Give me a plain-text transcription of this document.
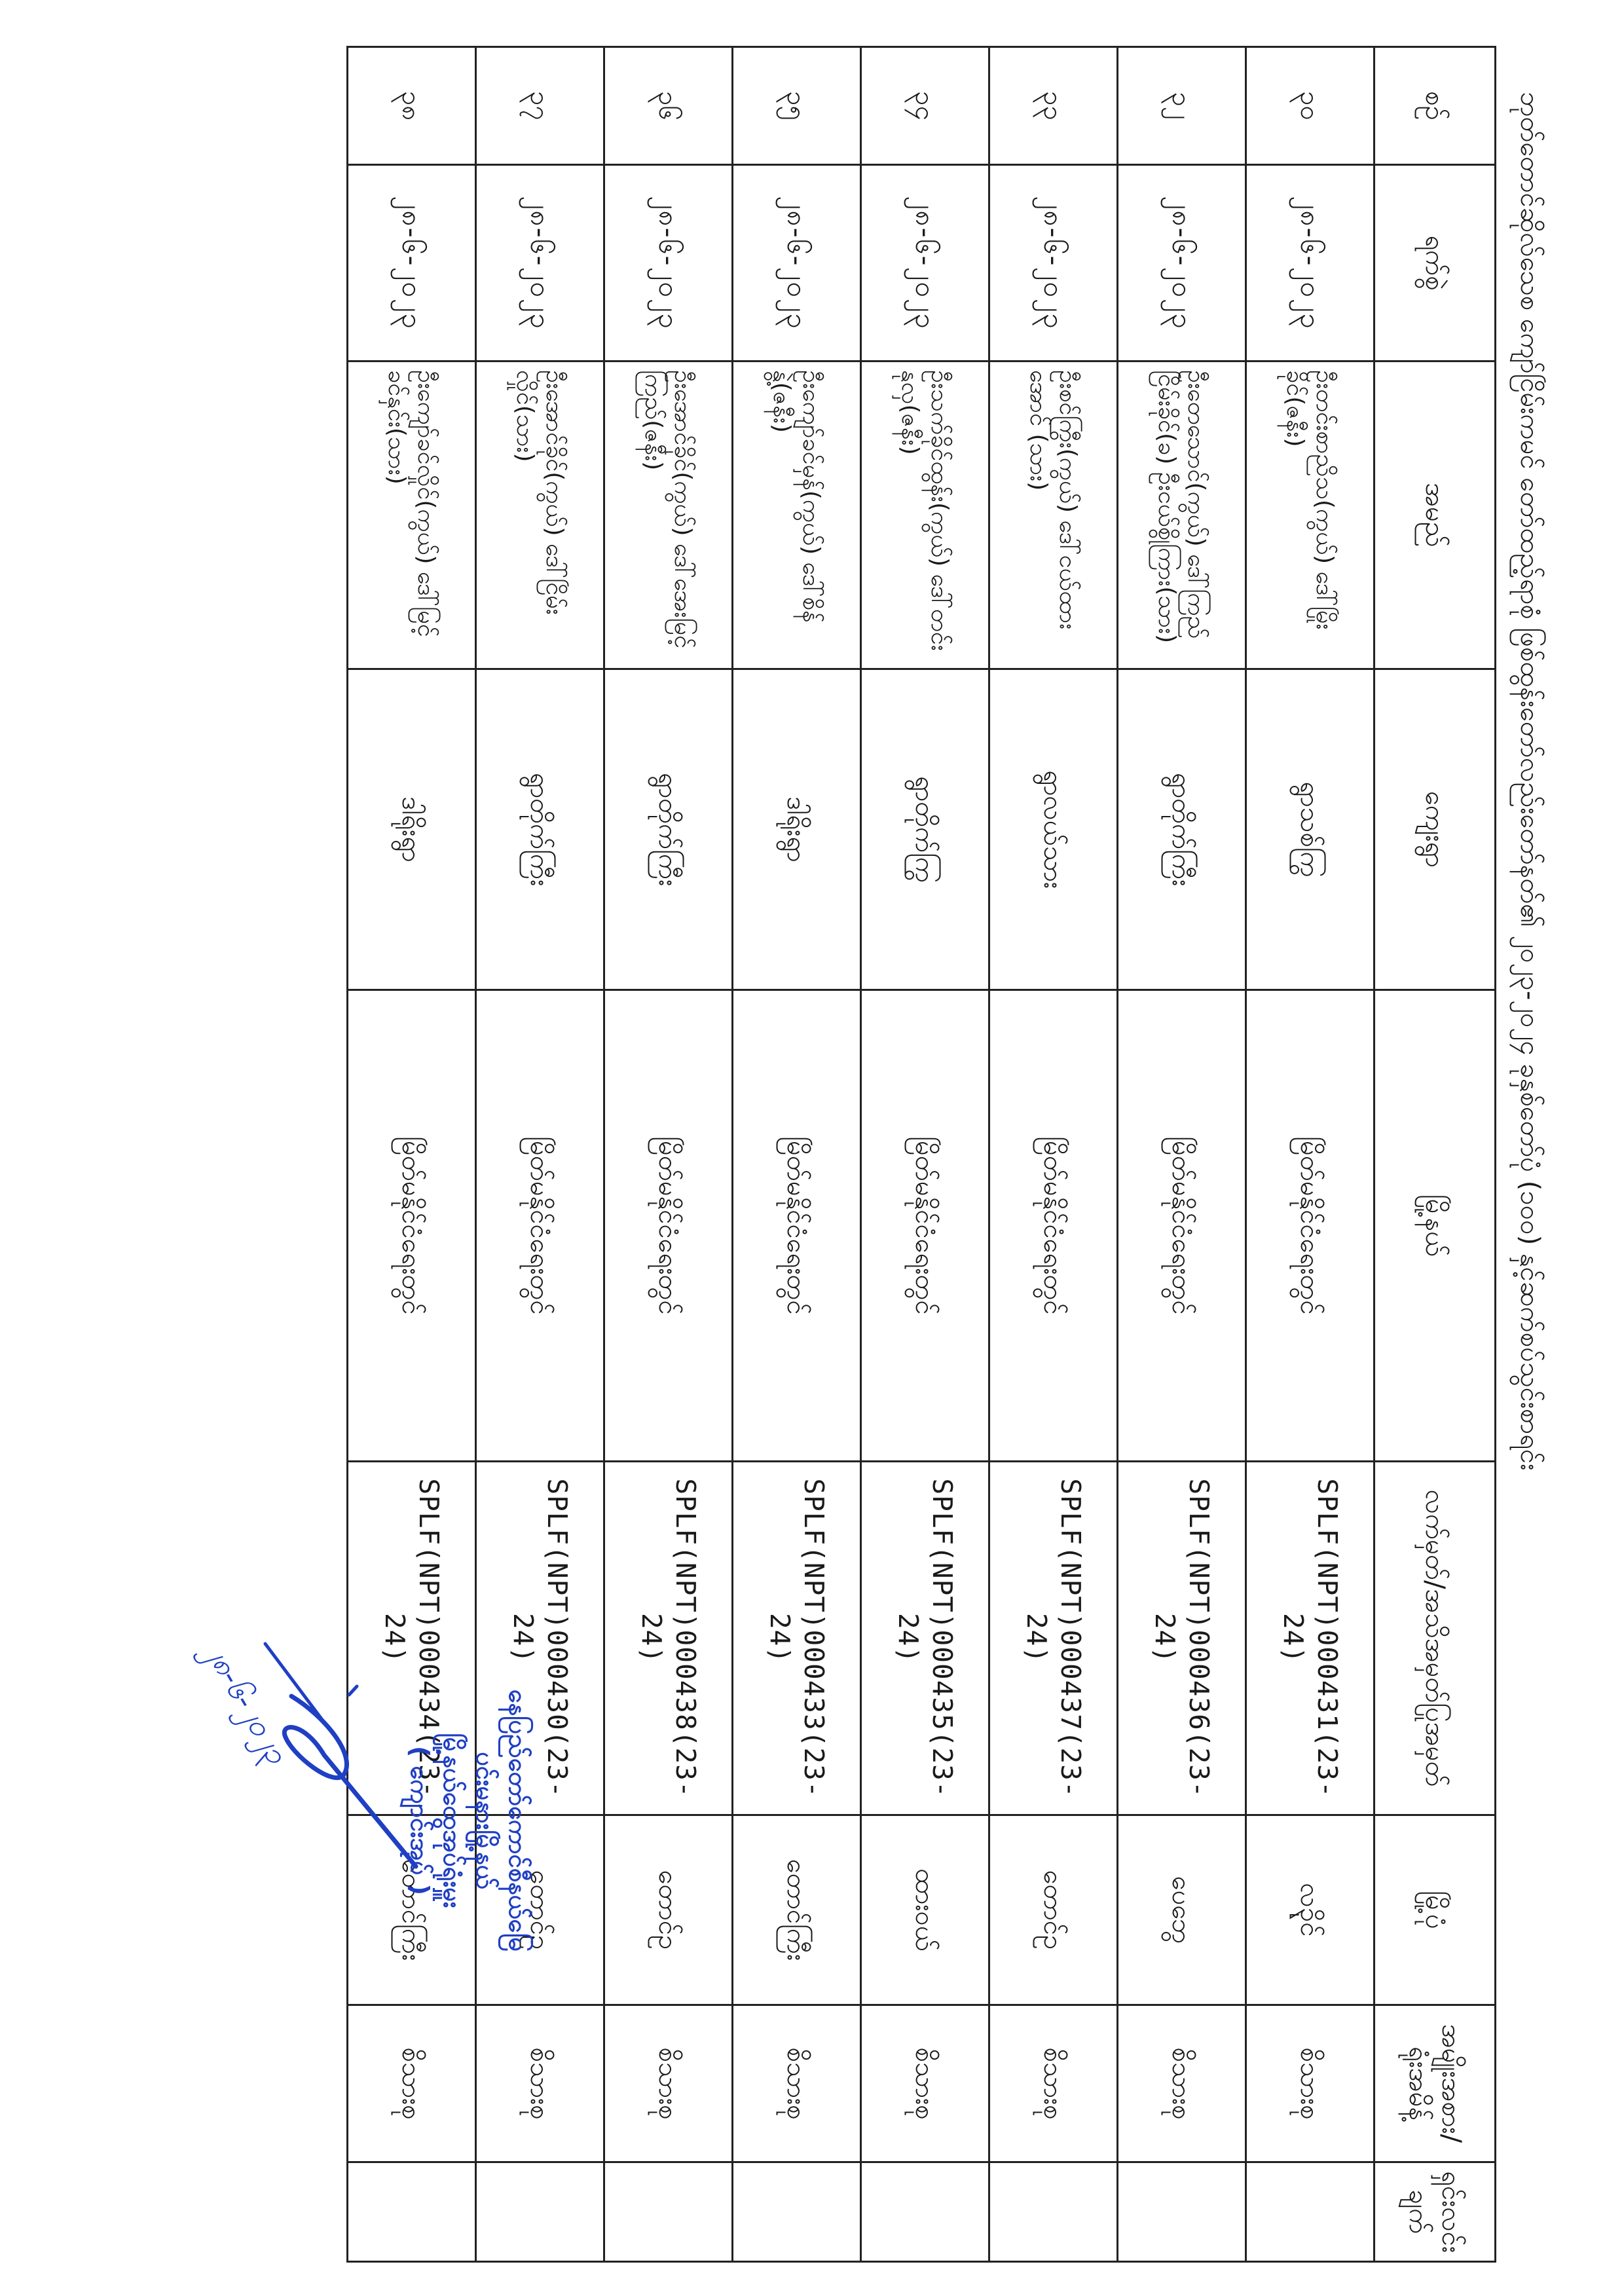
ဘုတ်တောင်ဆိုလ်သေစ ကျော်ငြိမ်းကမင် တော်ထည့်ရာစုံ ဖြစ်ထွန်းတော်လည်းတော်နတ်၏ ၂၀၂၃-၂၀၂၄ ခုနှစ်တော်ပုံ (၁၀၀) နှင့်ဆက်စပ်သွင်းစာရင်း
စဉ်	ရက်စွဲ	အမည်	ကျေးရွာ	မြို့နယ်	လက်မှတ်/အသိအမှတ်ပြုအမှတ်	မြို့ပုံ	အမျိုးအစား/ရုံးအမိန့်	ရှင်းလင်း ချက်
၃၀	၂၈-၆-၂၀၂၃	ဦးတင်းစာညိသ(ကွယ်) ဒေါ်မြိုးခိုင်(ဇနီး)	ရွာသစ်ကြွ	မြိတ်မနိုင်ငံရေးတွင်	SPLF(NPT)000431(23-24)	လ၃ိုင်	စိသားစု	
၃၂	၂၈-၆-၂၀၂၃	ဦးတေသောင်(ကွယ်) ဒေါ်ကြည်ငြိမ်းခိုင်(ခ) ဦးငယ်စွိုကြား(သား)	ရွာတိုက်ကြီး	မြိတ်မနိုင်ငံရေးတွင်	SPLF(NPT)000436(23-24)	ပေဘွေ	စိသားစု	
၃၃	၂၈-၆-၂၀၂၃	ဦးစင်ကြွီး(ကွယ်) ဒေါ်ငယ်ထားအောင် (သား)	ရွာလယ်သား	မြိတ်မနိုင်ငံရေးတွင်	SPLF(NPT)000437(23-24)	တောင်ဥ	စိသားစု	
၃၄	၂၈-၆-၂၀၂၃	ဦးသက်ခိုင်ထွန်း(ကွယ်) ဒေါ်တင်းနုလှ(ဇနီး)	ရွာတိုက်ကြွ	မြိတ်မနိုင်ငံရေးတွင်	SPLF(NPT)000435(23-24)	ထားဝယ်	စိသားစု	
၃၅	၂၈-၆-၂၀၂၃	ဦးကျော်ခင်မှန်(ကွယ်) ဒေါ်စိန်နွဲ့(ဇနီး)	ဒါရိုးရွာ	မြိတ်မနိုင်ငံရေးတွင်	SPLF(NPT)000433(23-24)	တောင်ကြီး	စိသားစု	
၃၆	၂၈-၆-၂၀၂၃	ဦးအောင်ခိုင်(ကွယ်) ဒေါ်အေးမြင့်ကြည်(ဇနီး)	ရွာတိုက်ကြီး	မြိတ်မနိုင်ငံရေးတွင်	SPLF(NPT)000438(23-24)	တောင်ဥ	စိသားစု	
၃၇	၂၈-၆-၂၀၂၃	ဦးအောင်ခိုင်(ကွယ်) ဒေါ်ငြိမ်းလှိုင်(သား)	ရွာတိုက်ကြီး	မြိတ်မနိုင်ငံရေးတွင်	SPLF(NPT)000430(23-24)	တောင်ဥ	စိသားစု	
၃၈	၂၈-၆-၂၀၂၃	ဦးကျော်ခင်လှိုင်(ကွယ်) ဒေါ်မြင့်ခင်နှင်း(သား)	ဒါရိုးရွာ	မြိတ်မနိုင်ငံရေးတွင်	SPLF(NPT)000434(23-24)	တောင်ကြီး	စိသားစု	
နေပြည်တော်ကောင်စီနယ်မြေ
ပင်းမနားမြို့နယ်
မြို့နယ်ထွေအုပ်ရုံးမှူး
( ကျောင်းအုပ် )
၂၈-၆-၂၀၂၃
